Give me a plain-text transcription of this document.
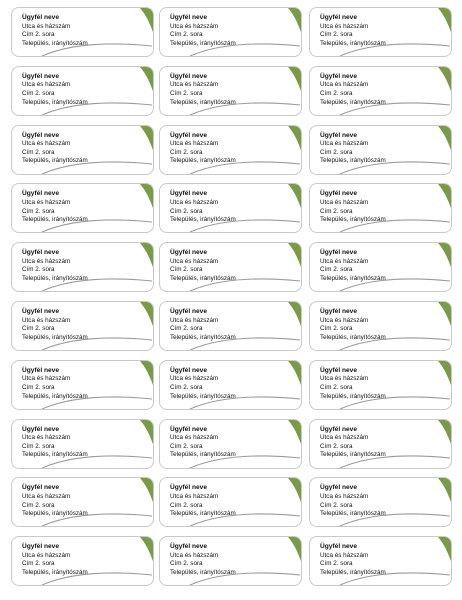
Ügyfél neve
Utca és házszám
Cím 2. sora
Település, irányítószám
Ügyfél neve
Utca és házszám
Cím 2. sora
Település, irányítószám
Ügyfél neve
Utca és házszám
Cím 2. sora
Település, irányítószám
Ügyfél neve
Utca és házszám
Cím 2. sora
Település, irányítószám
Ügyfél neve
Utca és házszám
Cím 2. sora
Település, irányítószám
Ügyfél neve
Utca és házszám
Cím 2. sora
Település, irányítószám
Ügyfél neve
Utca és házszám
Cím 2. sora
Település, irányítószám
Ügyfél neve
Utca és házszám
Cím 2. sora
Település, irányítószám
Ügyfél neve
Utca és házszám
Cím 2. sora
Település, irányítószám
Ügyfél neve
Utca és házszám
Cím 2. sora
Település, irányítószám
Ügyfél neve
Utca és házszám
Cím 2. sora
Település, irányítószám
Ügyfél neve
Utca és házszám
Cím 2. sora
Település, irányítószám
Ügyfél neve
Utca és házszám
Cím 2. sora
Település, irányítószám
Ügyfél neve
Utca és házszám
Cím 2. sora
Település, irányítószám
Ügyfél neve
Utca és házszám
Cím 2. sora
Település, irányítószám
Ügyfél neve
Utca és házszám
Cím 2. sora
Település, irányítószám
Ügyfél neve
Utca és házszám
Cím 2. sora
Település, irányítószám
Ügyfél neve
Utca és házszám
Cím 2. sora
Település, irányítószám
Ügyfél neve
Utca és házszám
Cím 2. sora
Település, irányítószám
Ügyfél neve
Utca és házszám
Cím 2. sora
Település, irányítószám
Ügyfél neve
Utca és házszám
Cím 2. sora
Település, irányítószám
Ügyfél neve
Utca és házszám
Cím 2. sora
Település, irányítószám
Ügyfél neve
Utca és házszám
Cím 2. sora
Település, irányítószám
Ügyfél neve
Utca és házszám
Cím 2. sora
Település, irányítószám
Ügyfél neve
Utca és házszám
Cím 2. sora
Település, irányítószám
Ügyfél neve
Utca és házszám
Cím 2. sora
Település, irányítószám
Ügyfél neve
Utca és házszám
Cím 2. sora
Település, irányítószám
Ügyfél neve
Utca és házszám
Cím 2. sora
Település, irányítószám
Ügyfél neve
Utca és házszám
Cím 2. sora
Település, irányítószám
Ügyfél neve
Utca és házszám
Cím 2. sora
Település, irányítószám
